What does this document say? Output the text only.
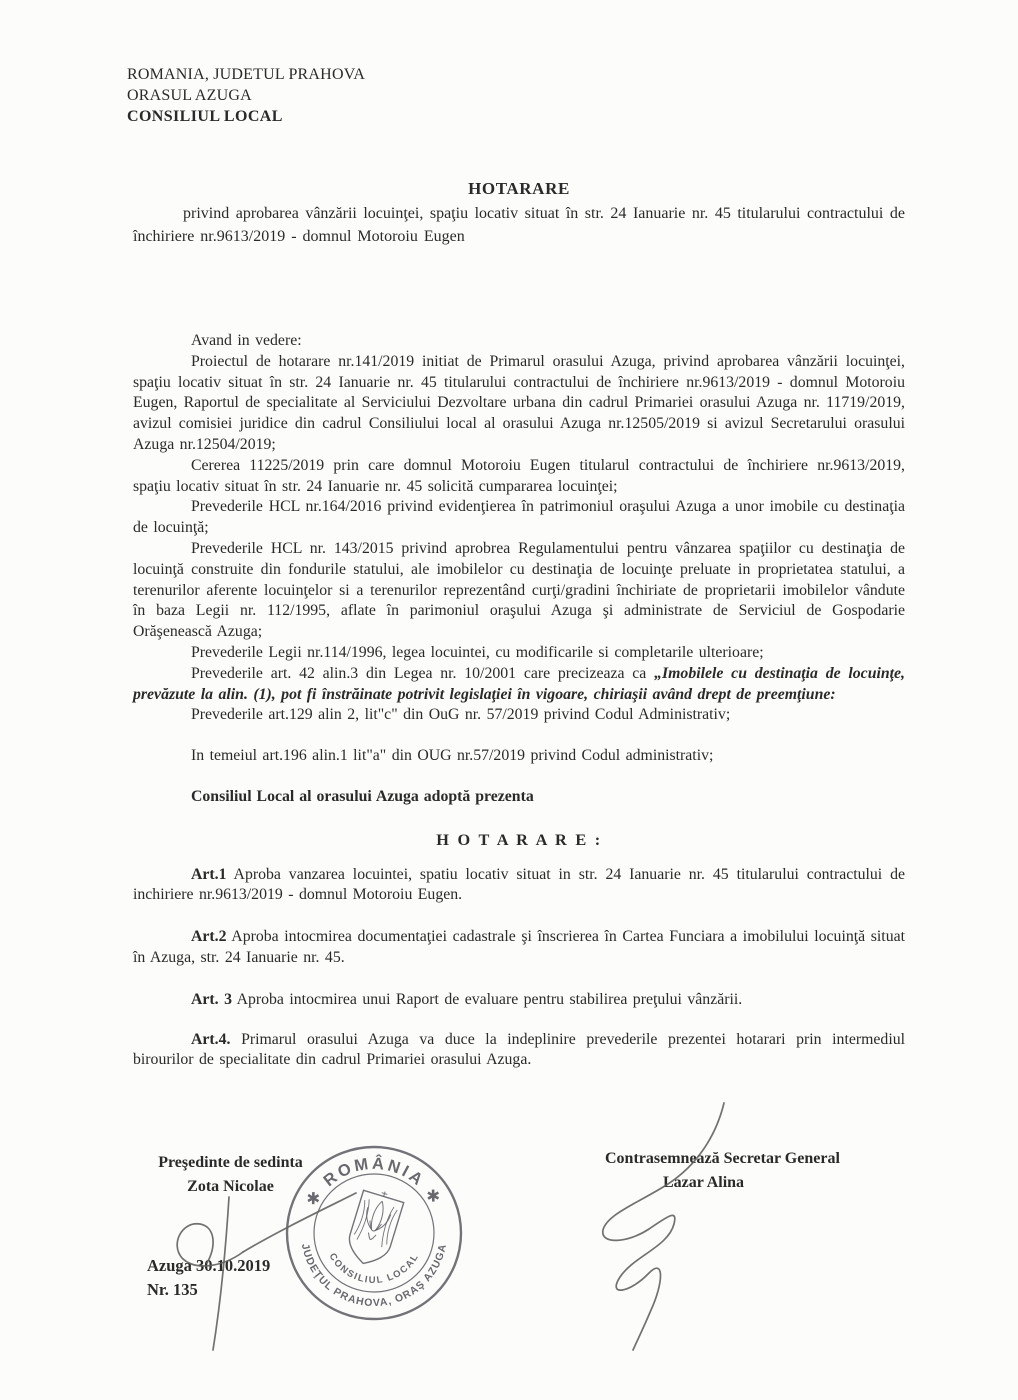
ROMANIA, JUDETUL PRAHOVA
ORASUL AZUGA
CONSILIUL LOCAL

HOTARARE

privind aprobarea vânzării locuinţei, spaţiu locativ situat în str. 24 Ianuarie nr. 45 titularului contractului de închiriere nr.9613/2019 - domnul Motoroiu Eugen

Avand in vedere:

Proiectul de hotarare nr.141/2019 initiat de Primarul orasului Azuga, privind aprobarea vânzării locuinţei, spaţiu locativ situat în str. 24 Ianuarie nr. 45 titularului contractului de închiriere nr.9613/2019 - domnul Motoroiu Eugen, Raportul de specialitate al Serviciului Dezvoltare urbana din cadrul Primariei orasului Azuga nr. 11719/2019, avizul comisiei juridice din cadrul Consiliului local al orasului Azuga nr.12505/2019 si avizul Secretarului orasului Azuga nr.12504/2019;

Cererea 11225/2019 prin care domnul Motoroiu Eugen titularul contractului de închiriere nr.9613/2019, spaţiu locativ situat în str. 24 Ianuarie nr. 45 solicită cumpararea locuinţei;

Prevederile HCL nr.164/2016 privind evidenţierea în patrimoniul oraşului Azuga a unor imobile cu destinaţia de locuinţă;

Prevederile HCL nr. 143/2015 privind aprobrea Regulamentului pentru vânzarea spaţiilor cu destinaţia de locuinţă construite din fondurile statului, ale imobilelor cu destinaţia de locuinţe preluate in proprietatea statului, a terenurilor aferente locuinţelor si a terenurilor reprezentând curţi/gradini închiriate de proprietarii imobilelor vândute în baza Legii nr. 112/1995, aflate în parimoniul oraşului Azuga şi administrate de Serviciul de Gospodarie Orăşenească Azuga;

Prevederile Legii nr.114/1996, legea locuintei, cu modificarile si completarile ulterioare;

Prevederile art. 42 alin.3 din Legea nr. 10/2001 care precizeaza ca „Imobilele cu destinaţia de locuinţe, prevăzute la alin. (1), pot fi înstrăinate potrivit legislaţiei în vigoare, chiriaşii având drept de preemţiune:

Prevederile art.129 alin 2, lit"c" din OuG nr. 57/2019 privind Codul Administrativ;

In temeiul art.196 alin.1 lit"a" din OUG nr.57/2019 privind Codul administrativ;

Consiliul Local al orasului Azuga adoptă prezenta

H O T A R A R E :

Art.1 Aproba vanzarea locuintei, spatiu locativ situat in str. 24 Ianuarie nr. 45 titularului contractului de inchiriere nr.9613/2019 - domnul Motoroiu Eugen.

Art.2 Aproba intocmirea documentaţiei cadastrale şi înscrierea în Cartea Funciara a imobilului locuinţă situat în Azuga, str. 24 Ianuarie nr. 45.

Art. 3 Aproba intocmirea unui Raport de evaluare pentru stabilirea preţului vânzării.

Art.4. Primarul orasului Azuga va duce la indeplinire prevederile prezentei hotarari prin intermediul birourilor de specialitate din cadrul Primariei orasului Azuga.

Preşedinte de sedinta
Zota Nicolae
Contrasemnează Secretar General
Lazar Alina
Azuga 30.10.2019
Nr. 135
✱ ROMÂNIA ✱
JUDEŢUL PRAHOVA, ORAŞ AZUGA
CONSILIUL LOCAL
